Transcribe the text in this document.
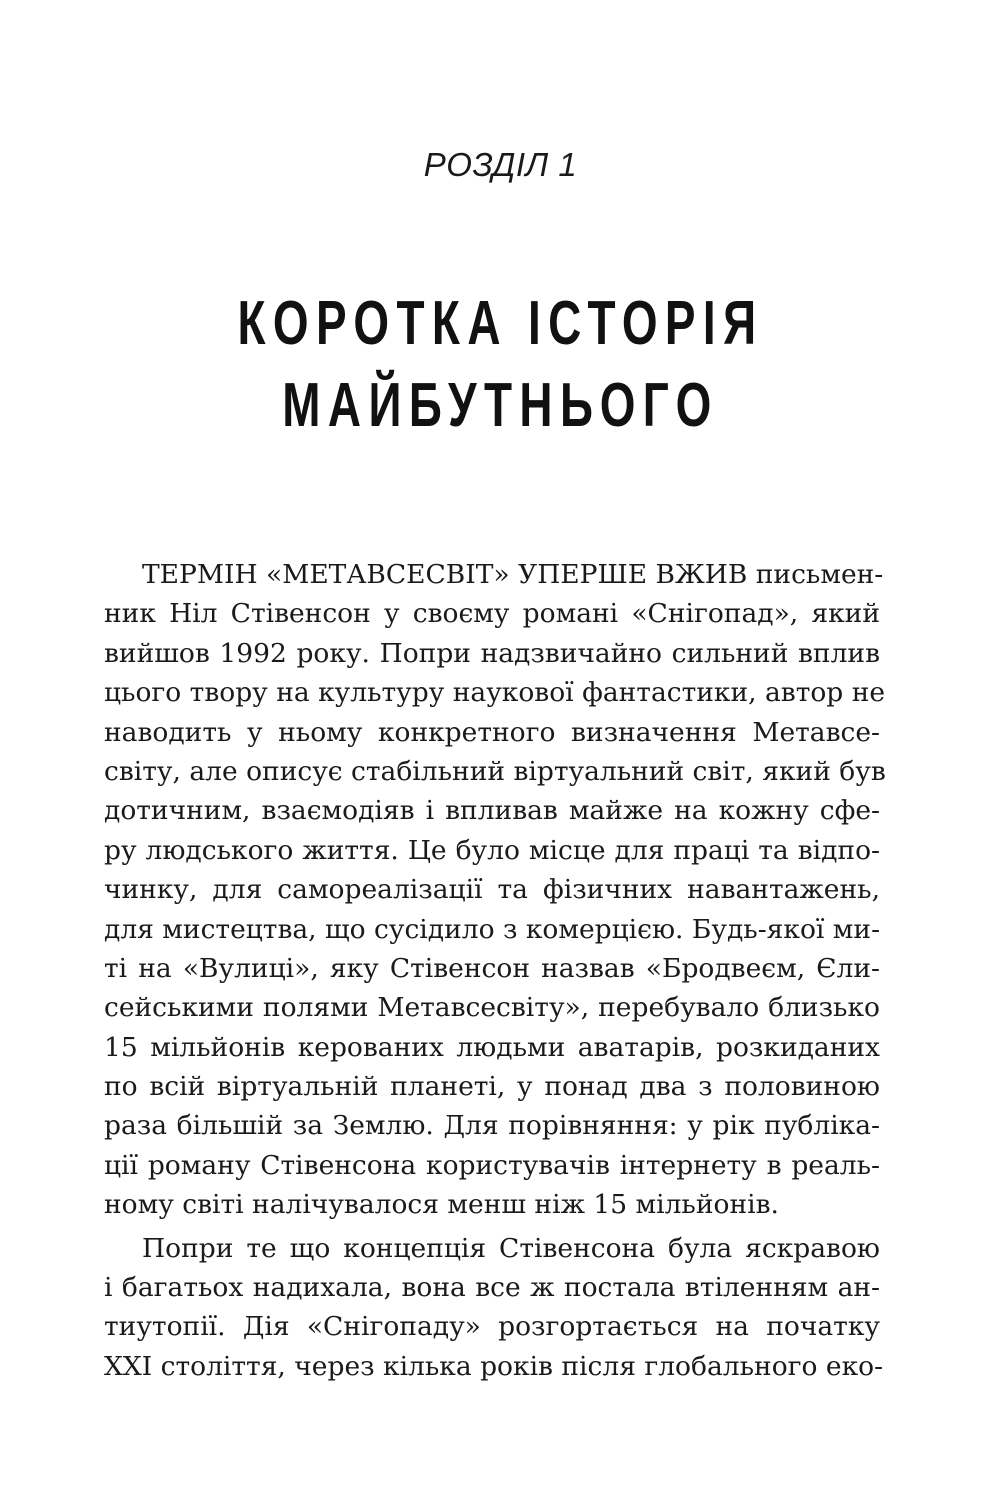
РОЗДІЛ 1
КОРОТКА ІСТОРІЯ
МАЙБУТНЬОГО
ТЕРМІН «МЕТАВСЕСВІТ» УПЕРШЕ ВЖИВ письмен-
ник Ніл Стівенсон у своєму романі «Снігопад», який
вийшов 1992 року. Попри надзвичайно сильний вплив
цього твору на культуру наукової фантастики, автор не
наводить у ньому конкретного визначення Метавсе-
світу, але описує стабільний віртуальний світ, який був
дотичним, взаємодіяв і впливав майже на кожну сфе-
ру людського життя. Це було місце для праці та відпо-
чинку, для самореалізації та фізичних навантажень,
для мистецтва, що сусідило з комерцією. Будь-якої ми-
ті на «Вулиці», яку Стівенсон назвав «Бродвеєм, Єли-
сейськими полями Метавсесвіту», перебувало близько
15 мільйонів керованих людьми аватарів, розкиданих
по всій віртуальній планеті, у понад два з половиною
раза більшій за Землю. Для порівняння: у рік публіка-
ції роману Стівенсона користувачів інтернету в реаль-
ному світі налічувалося менш ніж 15 мільйонів.
Попри те що концепція Стівенсона була яскравою
і багатьох надихала, вона все ж постала втіленням ан-
тиутопії. Дія «Снігопаду» розгортається на початку
XXI століття, через кілька років після глобального еко-
